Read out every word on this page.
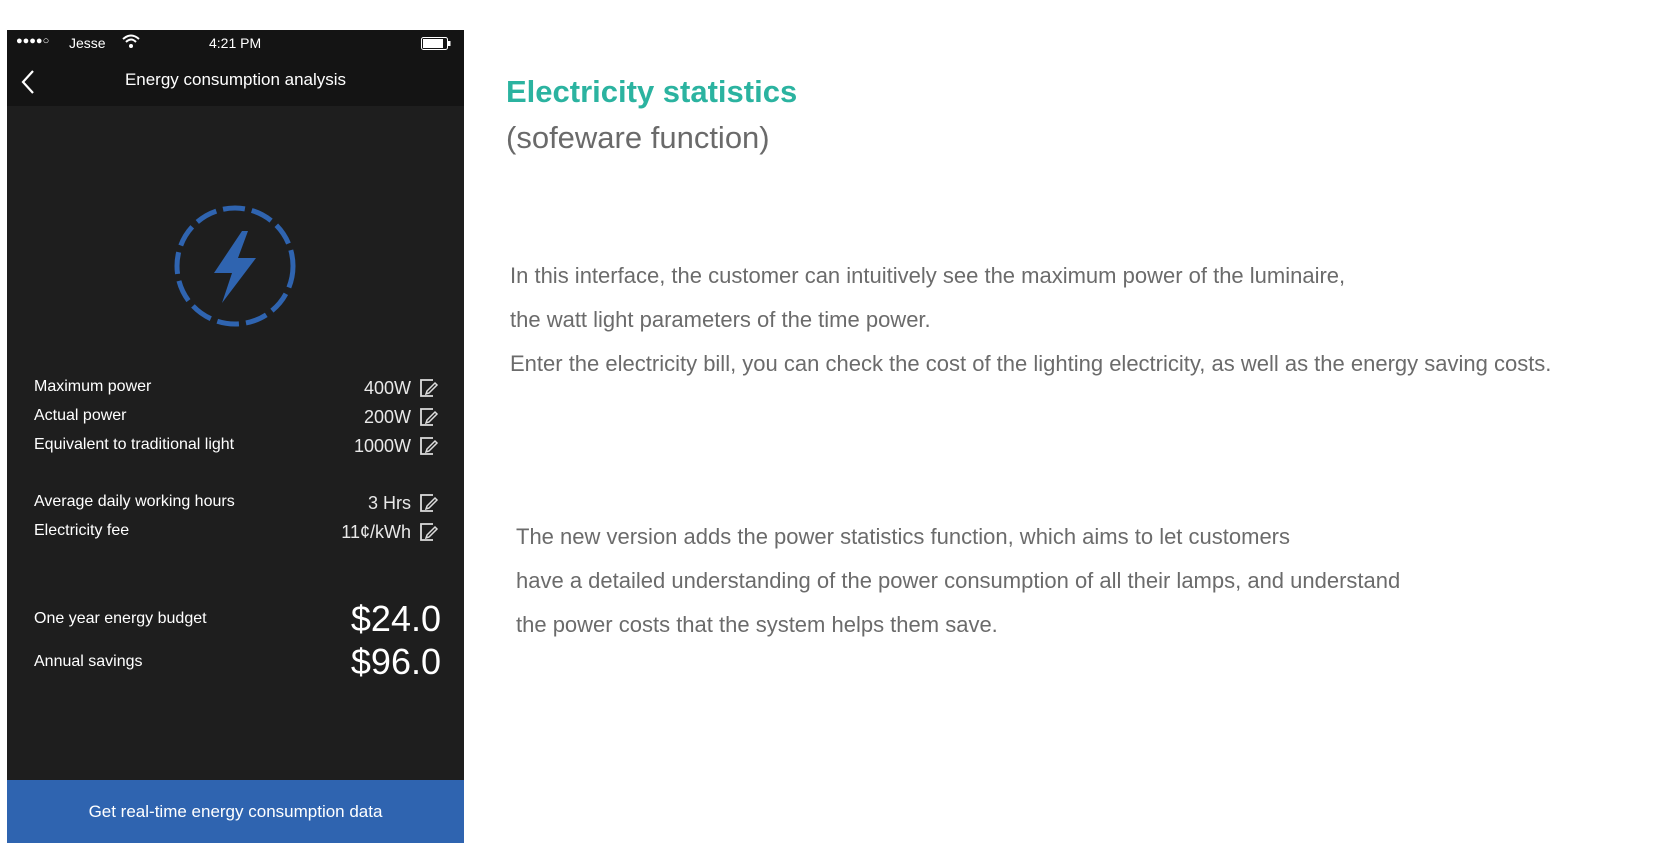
●●●●○ Jesse	4:21 PM
Energy consumption analysis
Maximum power	400W
Actual power	200W
Equivalent to traditional light	1000W
Average daily working hours	3 Hrs
Electricity fee	11¢/kWh
One year energy budget	$24.0
Annual savings	$96.0
Get real-time energy consumption data
Electricity statistics
(sofeware function)

In this interface, the customer can intuitively see the maximum power of the luminaire,

the watt light parameters of the time power.

Enter the electricity bill, you can check the cost of the lighting electricity, as well as the energy saving costs.

The new version adds the power statistics function, which aims to let customers

have a detailed understanding of the power consumption of all their lamps, and understand

the power costs that the system helps them save.
